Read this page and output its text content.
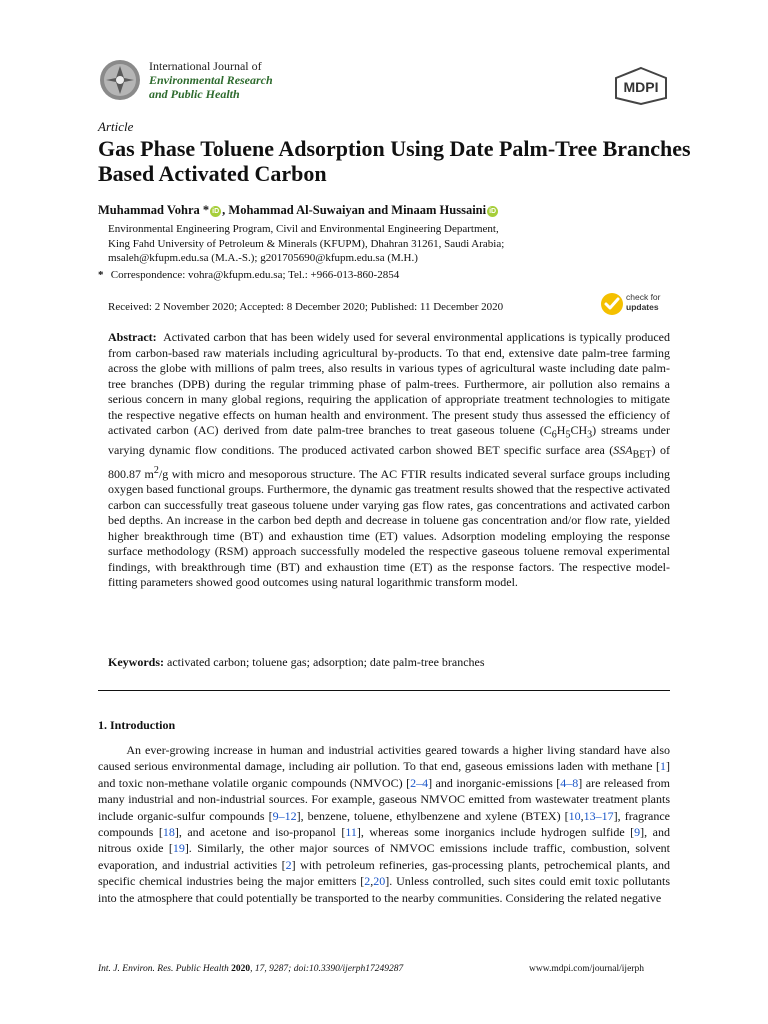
International Journal of
Environmental Research
and Public Health	MDPI
Article
Gas Phase Toluene Adsorption Using Date Palm-Tree Branches Based Activated Carbon
Muhammad Vohra * iD , Mohammad Al-Suwaiyan and Minaam Hussaini iD
Environmental Engineering Program, Civil and Environmental Engineering Department,
King Fahd University of Petroleum & Minerals (KFUPM), Dhahran 31261, Saudi Arabia;
msaleh@kfupm.edu.sa (M.A.-S.); g201705690@kfupm.edu.sa (M.H.)
* Correspondence: vohra@kfupm.edu.sa; Tel.: +966-013-860-2854
Received: 2 November 2020; Accepted: 8 December 2020; Published: 11 December 2020
check for
updates
Abstract: Activated carbon that has been widely used for several environmental applications is typically produced from carbon-based raw materials including agricultural by-products. To that end, extensive date palm-tree farming across the globe with millions of palm trees, also results in various types of agricultural waste including date palm-tree branches (DPB) during the regular trimming phase of palm-trees. Furthermore, air pollution also remains a serious concern in many global regions, requiring the application of appropriate treatment technologies to mitigate the respective negative effects on human health and environment. The present study thus assessed the efficiency of activated carbon (AC) derived from date palm-tree branches to treat gaseous toluene $(C_6H_5CH_3)$ streams under varying dynamic flow conditions. The produced activated carbon showed BET specific surface area $(SSA_{BET})$ of 800.87 $m^2/g$ with micro and mesoporous structure. The AC FTIR results indicated several surface groups including oxygen based functional groups. Furthermore, the dynamic gas treatment results showed that the respective activated carbon can successfully treat gaseous toluene under varying gas flow rates, gas concentrations and activated carbon bed depths. An increase in the carbon bed depth and decrease in toluene gas concentration and/or flow rate, yielded higher breakthrough time (BT) and exhaustion time (ET) values. Adsorption modeling employing the response surface methodology (RSM) approach successfully modeled the respective gaseous toluene removal experimental findings, with breakthrough time (BT) and exhaustion time (ET) as the response factors. The respective model-fitting parameters showed good outcomes using natural logarithmic transform model.
Keywords: activated carbon; toluene gas; adsorption; date palm-tree branches
1. Introduction
An ever-growing increase in human and industrial activities geared towards a higher living standard have also caused serious environmental damage, including air pollution. To that end, gaseous emissions laden with methane [1] and toxic non-methane volatile organic compounds (NMVOC) [2–4] and inorganic-emissions [4–8] are released from many industrial and non-industrial sources. For example, gaseous NMVOC emitted from wastewater treatment plants include organic-sulfur compounds [9–12], benzene, toluene, ethylbenzene and xylene (BTEX) [10,13–17], fragrance compounds [18], and acetone and iso-propanol [11], whereas some inorganics include hydrogen sulfide [9], and nitrous oxide [19]. Similarly, the other major sources of NMVOC emissions include traffic, combustion, solvent evaporation, and industrial activities [2] with petroleum refineries, gas-processing plants, petrochemical plants, and specific chemical industries being the major emitters [2,20]. Unless controlled, such sites could emit toxic pollutants into the atmosphere that could potentially be transported to the nearby communities. Considering the related negative
Int. J. Environ. Res. Public Health 2020, 17, 9287; doi:10.3390/ijerph17249287	www.mdpi.com/journal/ijerph
